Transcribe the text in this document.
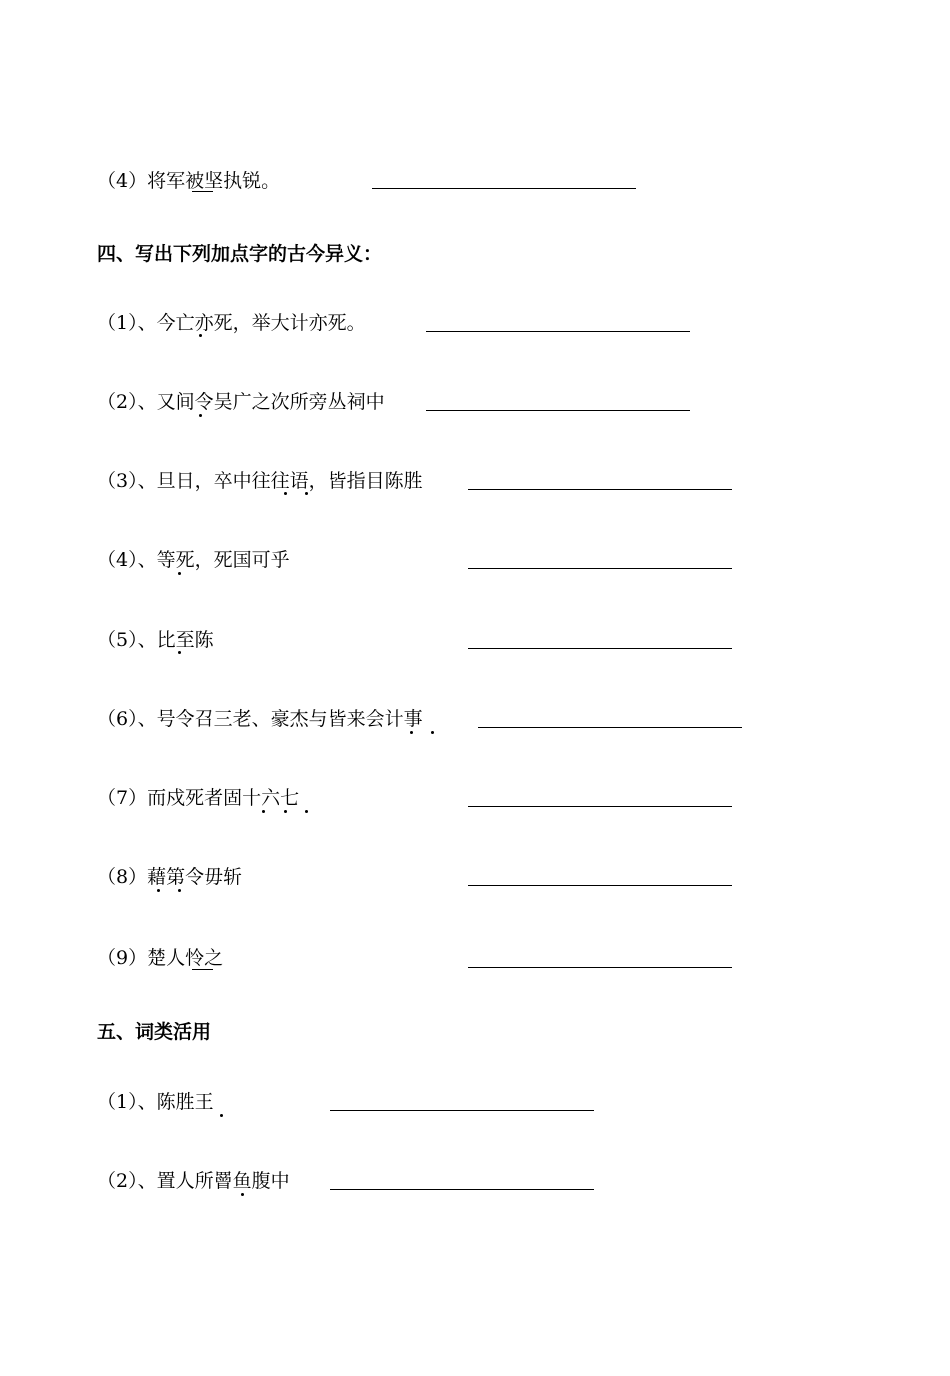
（4）将军被坚执锐。
四、写出下列加点字的古今异义：
（1）、今亡亦死，举大计亦死。
（2）、又间令吴广之次所旁丛祠中
（3）、旦日，卒中往往语，皆指目陈胜
（4）、等死，死国可乎
（5）、比至陈
（6）、号令召三老、豪杰与皆来会计事
（7）而戍死者固十六七
（8）藉第令毋斩
（9）楚人怜之
五、词类活用
（1）、陈胜王
（2）、置人所罾鱼腹中
